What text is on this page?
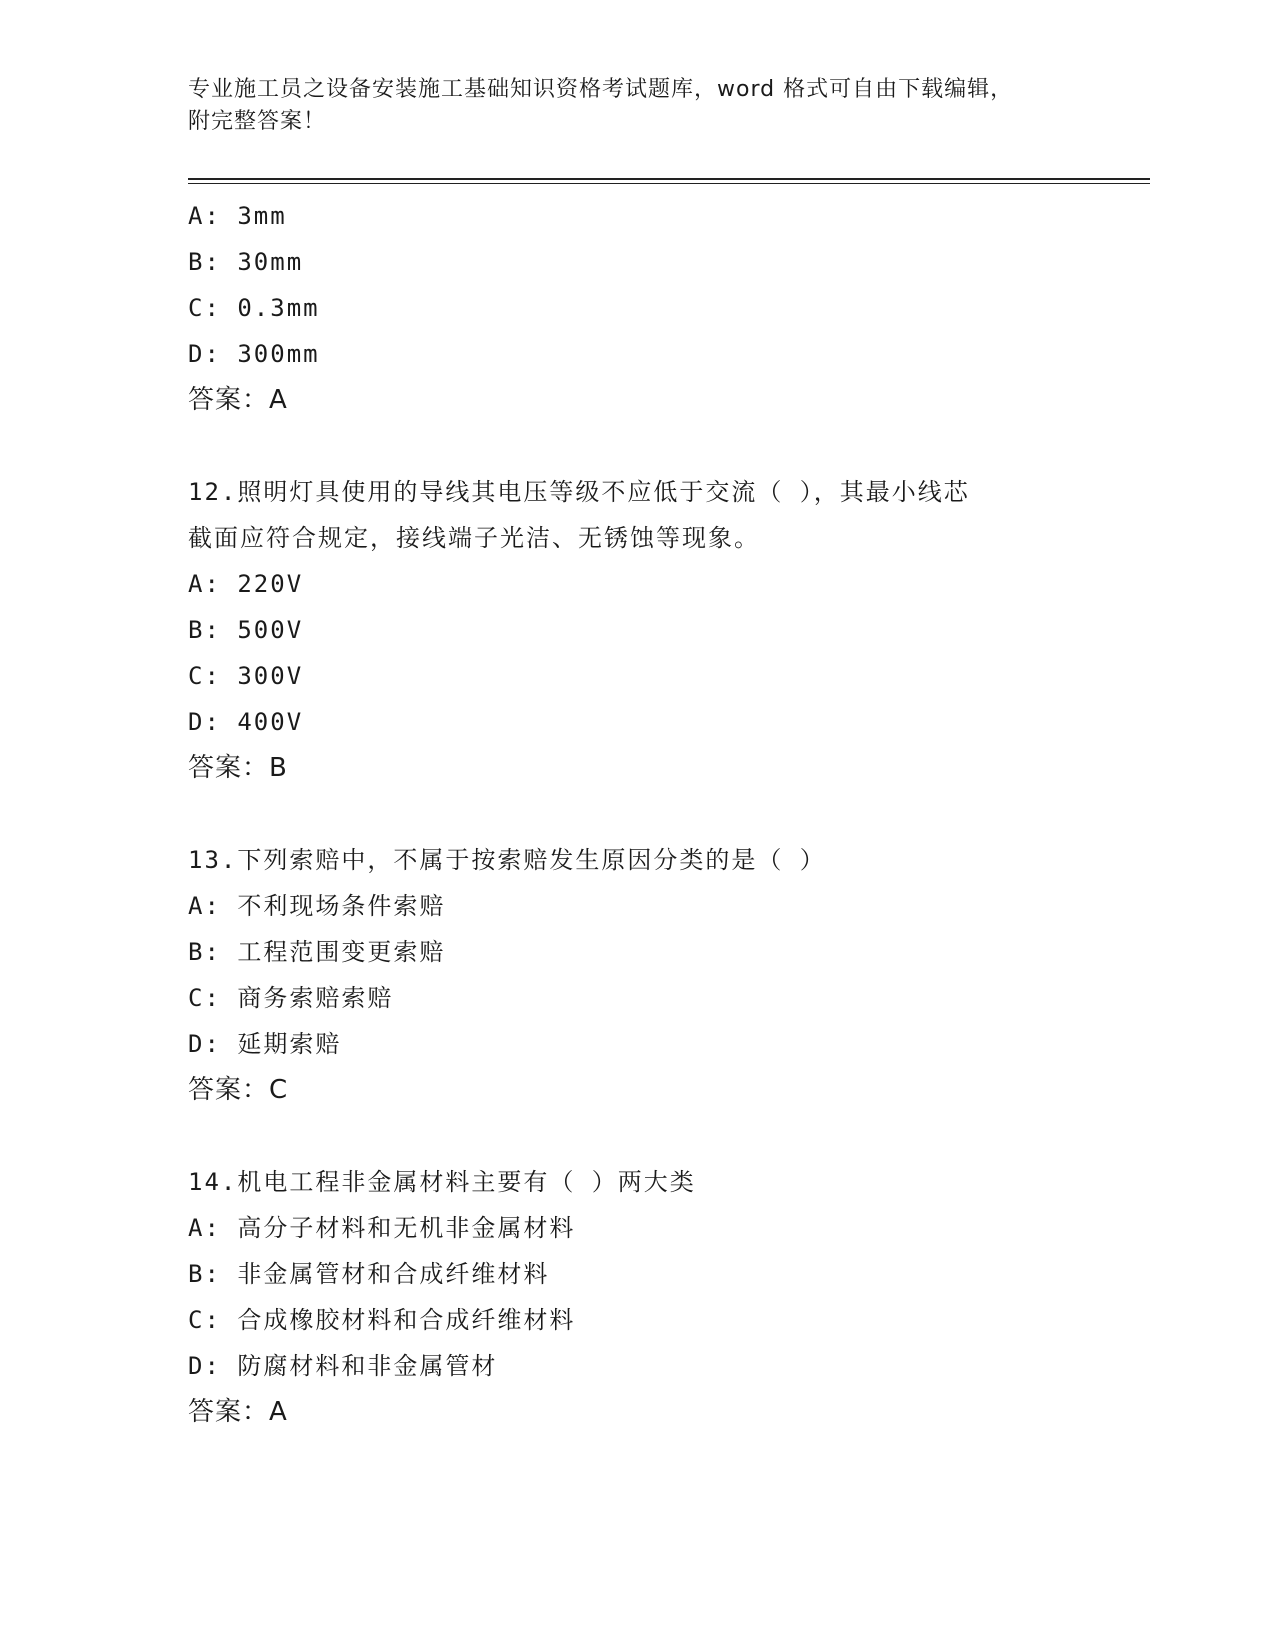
专业施工员之设备安装施工基础知识资格考试题库，word 格式可自由下载编辑，
附完整答案！
A: 3mm
B: 30mm
C: 0.3mm
D: 300mm
答案：A
12.照明灯具使用的导线其电压等级不应低于交流（ ），其最小线芯
截面应符合规定，接线端子光洁、无锈蚀等现象。
A: 220V
B: 500V
C: 300V
D: 400V
答案：B
13.下列索赔中，不属于按索赔发生原因分类的是（ ）
A: 不利现场条件索赔
B: 工程范围变更索赔
C: 商务索赔索赔
D: 延期索赔
答案：C
14.机电工程非金属材料主要有（ ）两大类
A: 高分子材料和无机非金属材料
B: 非金属管材和合成纤维材料
C: 合成橡胶材料和合成纤维材料
D: 防腐材料和非金属管材
答案：A
